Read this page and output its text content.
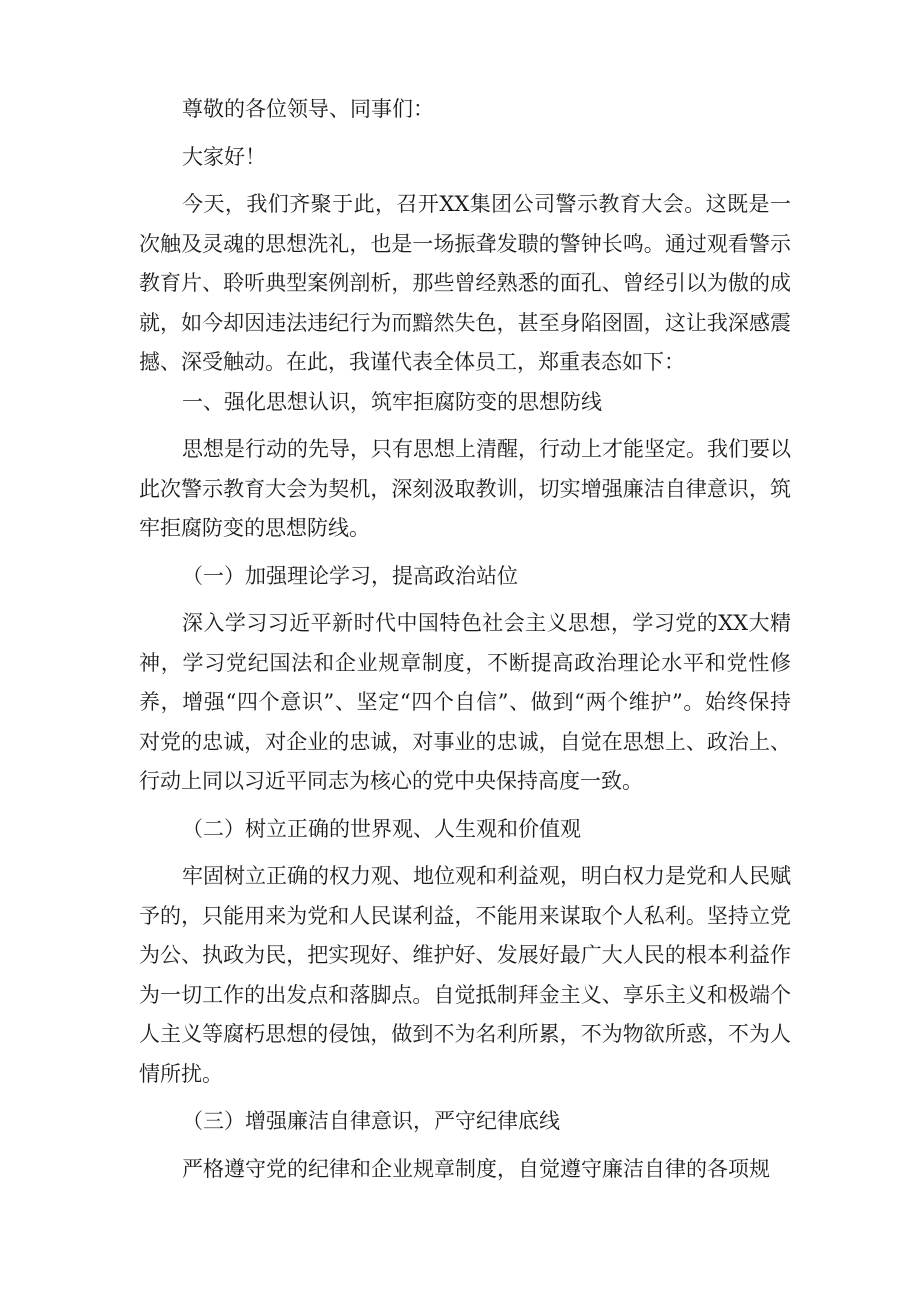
尊敬的各位领导、同事们：

大家好！

今天，我们齐聚于此，召开XX集团公司警示教育大会。这既是一次触及灵魂的思想洗礼，也是一场振聋发聩的警钟长鸣。通过观看警示教育片、聆听典型案例剖析，那些曾经熟悉的面孔、曾经引以为傲的成就，如今却因违法违纪行为而黯然失色，甚至身陷囹圄，这让我深感震撼、深受触动。在此，我谨代表全体员工，郑重表态如下：

一、强化思想认识，筑牢拒腐防变的思想防线

思想是行动的先导，只有思想上清醒，行动上才能坚定。我们要以此次警示教育大会为契机，深刻汲取教训，切实增强廉洁自律意识，筑牢拒腐防变的思想防线。

（一）加强理论学习，提高政治站位

深入学习习近平新时代中国特色社会主义思想，学习党的XX大精神，学习党纪国法和企业规章制度，不断提高政治理论水平和党性修养，增强“四个意识”、坚定“四个自信”、做到“两个维护”。始终保持对党的忠诚，对企业的忠诚，对事业的忠诚，自觉在思想上、政治上、行动上同以习近平同志为核心的党中央保持高度一致。

（二）树立正确的世界观、人生观和价值观

牢固树立正确的权力观、地位观和利益观，明白权力是党和人民赋予的，只能用来为党和人民谋利益，不能用来谋取个人私利。坚持立党为公、执政为民，把实现好、维护好、发展好最广大人民的根本利益作为一切工作的出发点和落脚点。自觉抵制拜金主义、享乐主义和极端个人主义等腐朽思想的侵蚀，做到不为名利所累，不为物欲所惑，不为人情所扰。

（三）增强廉洁自律意识，严守纪律底线

严格遵守党的纪律和企业规章制度，自觉遵守廉洁自律的各项规
